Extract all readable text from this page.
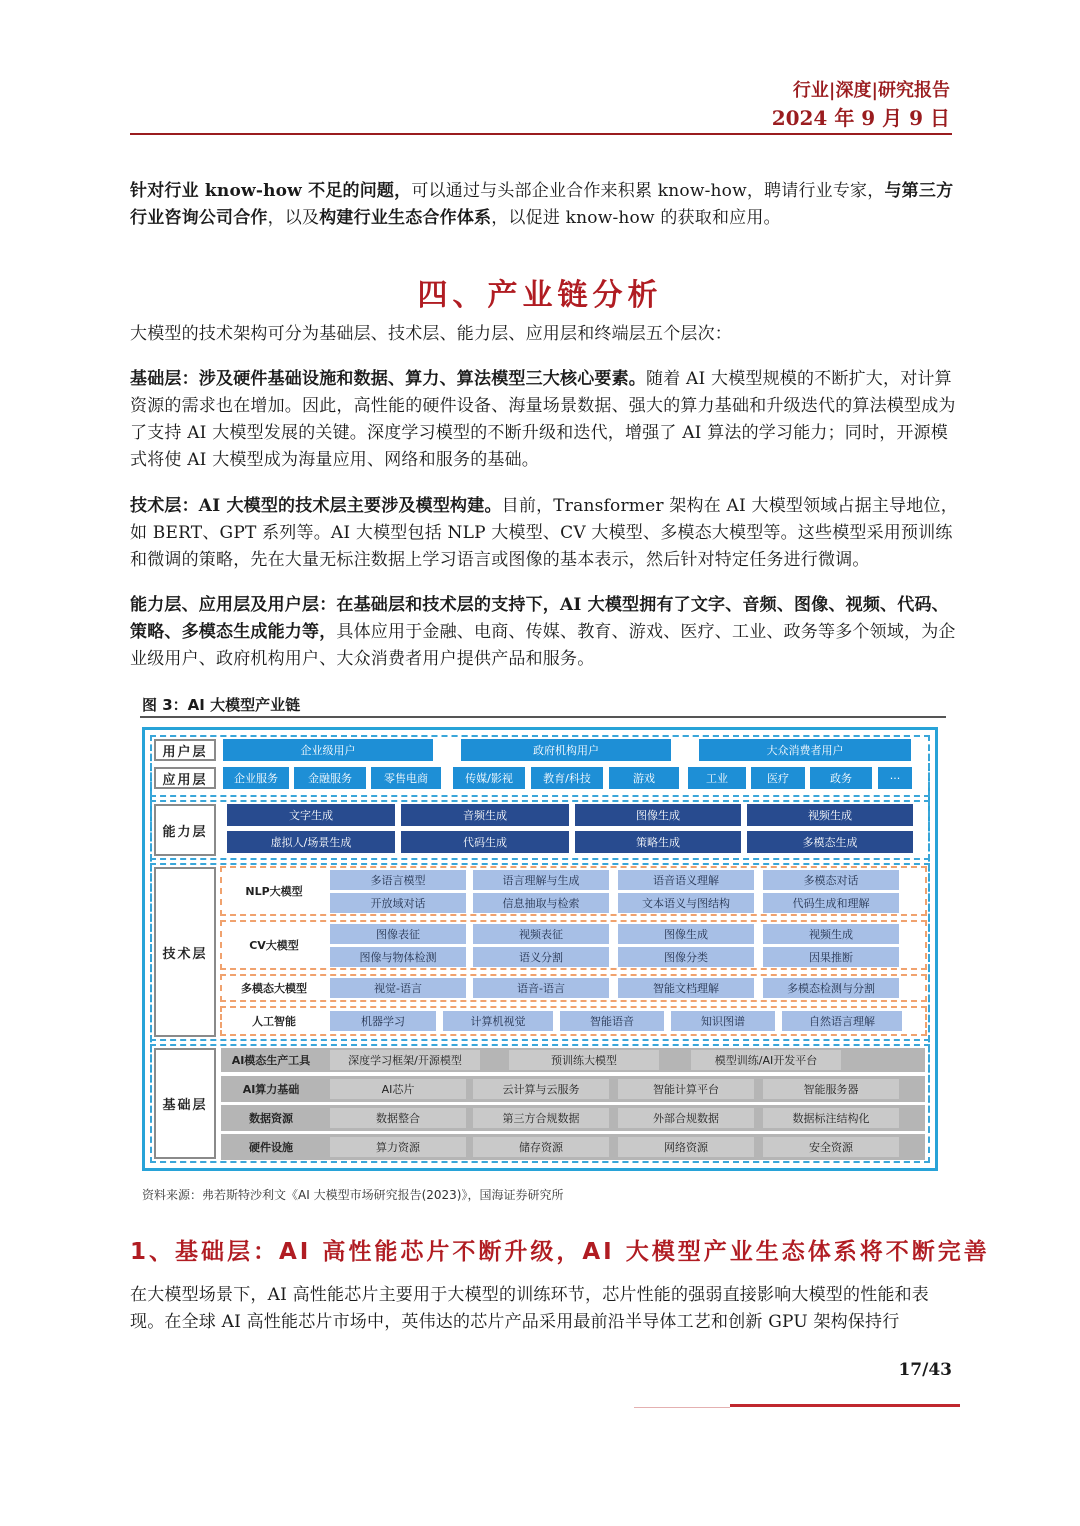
行业|深度|研究报告
2024 年 9 月 9 日

针对行业 know-how 不足的问题，可以通过与头部企业合作来积累 know-how，聘请行业专家，与第三方行业咨询公司合作，以及构建行业生态合作体系，以促进 know-how 的获取和应用。

四、产业链分析

大模型的技术架构可分为基础层、技术层、能力层、应用层和终端层五个层次：

基础层：涉及硬件基础设施和数据、算力、算法模型三大核心要素。随着 AI 大模型规模的不断扩大，对计算资源的需求也在增加。因此，高性能的硬件设备、海量场景数据、强大的算力基础和升级迭代的算法模型成为了支持 AI 大模型发展的关键。深度学习模型的不断升级和迭代，增强了 AI 算法的学习能力；同时，开源模式将使 AI 大模型成为海量应用、网络和服务的基础。

技术层：AI 大模型的技术层主要涉及模型构建。目前，Transformer 架构在 AI 大模型领域占据主导地位，如 BERT、GPT 系列等。AI 大模型包括 NLP 大模型、CV 大模型、多模态大模型等。这些模型采用预训练和微调的策略，先在大量无标注数据上学习语言或图像的基本表示，然后针对特定任务进行微调。

能力层、应用层及用户层：在基础层和技术层的支持下，AI 大模型拥有了文字、音频、图像、视频、代码、策略、多模态生成能力等，具体应用于金融、电商、传媒、教育、游戏、医疗、工业、政务等多个领域，为企业级用户、政府机构用户、大众消费者用户提供产品和服务。

图 3：AI 大模型产业链
用户层	企业级用户	政府机构用户	大众消费者用户
应用层	企业服务	金融服务	零售电商	传媒/影视	教育/科技	游戏	工业	医疗	政务	···
能力层
文字生成	音频生成	图像生成	视频生成
虚拟人/场景生成	代码生成	策略生成	多模态生成
技术层
NLP大模型
多语言模型	语言理解与生成	语音语义理解	多模态对话
开放域对话	信息抽取与检索	文本语义与图结构	代码生成和理解
CV大模型
图像表征	视频表征	图像生成	视频生成
图像与物体检测	语义分割	图像分类	因果推断
多模态大模型	视觉-语言	语音-语言	智能文档理解	多模态检测与分割
人工智能	机器学习	计算机视觉	智能语音	知识图谱	自然语言理解
基础层
AI模态生产工具	深度学习框架/开源模型	预训练大模型	模型训练/AI开发平台
AI算力基础	AI芯片	云计算与云服务	智能计算平台	智能服务器
数据资源	数据整合	第三方合规数据	外部合规数据	数据标注结构化
硬件设施	算力资源	储存资源	网络资源	安全资源
资料来源：弗若斯特沙利文《AI 大模型市场研究报告(2023)》，国海证券研究所
1、基础层：AI 高性能芯片不断升级，AI 大模型产业生态体系将不断完善

在大模型场景下，AI 高性能芯片主要用于大模型的训练环节，芯片性能的强弱直接影响大模型的性能和表现。在全球 AI 高性能芯片市场中，英伟达的芯片产品采用最前沿半导体工艺和创新 GPU 架构保持行

17/43
